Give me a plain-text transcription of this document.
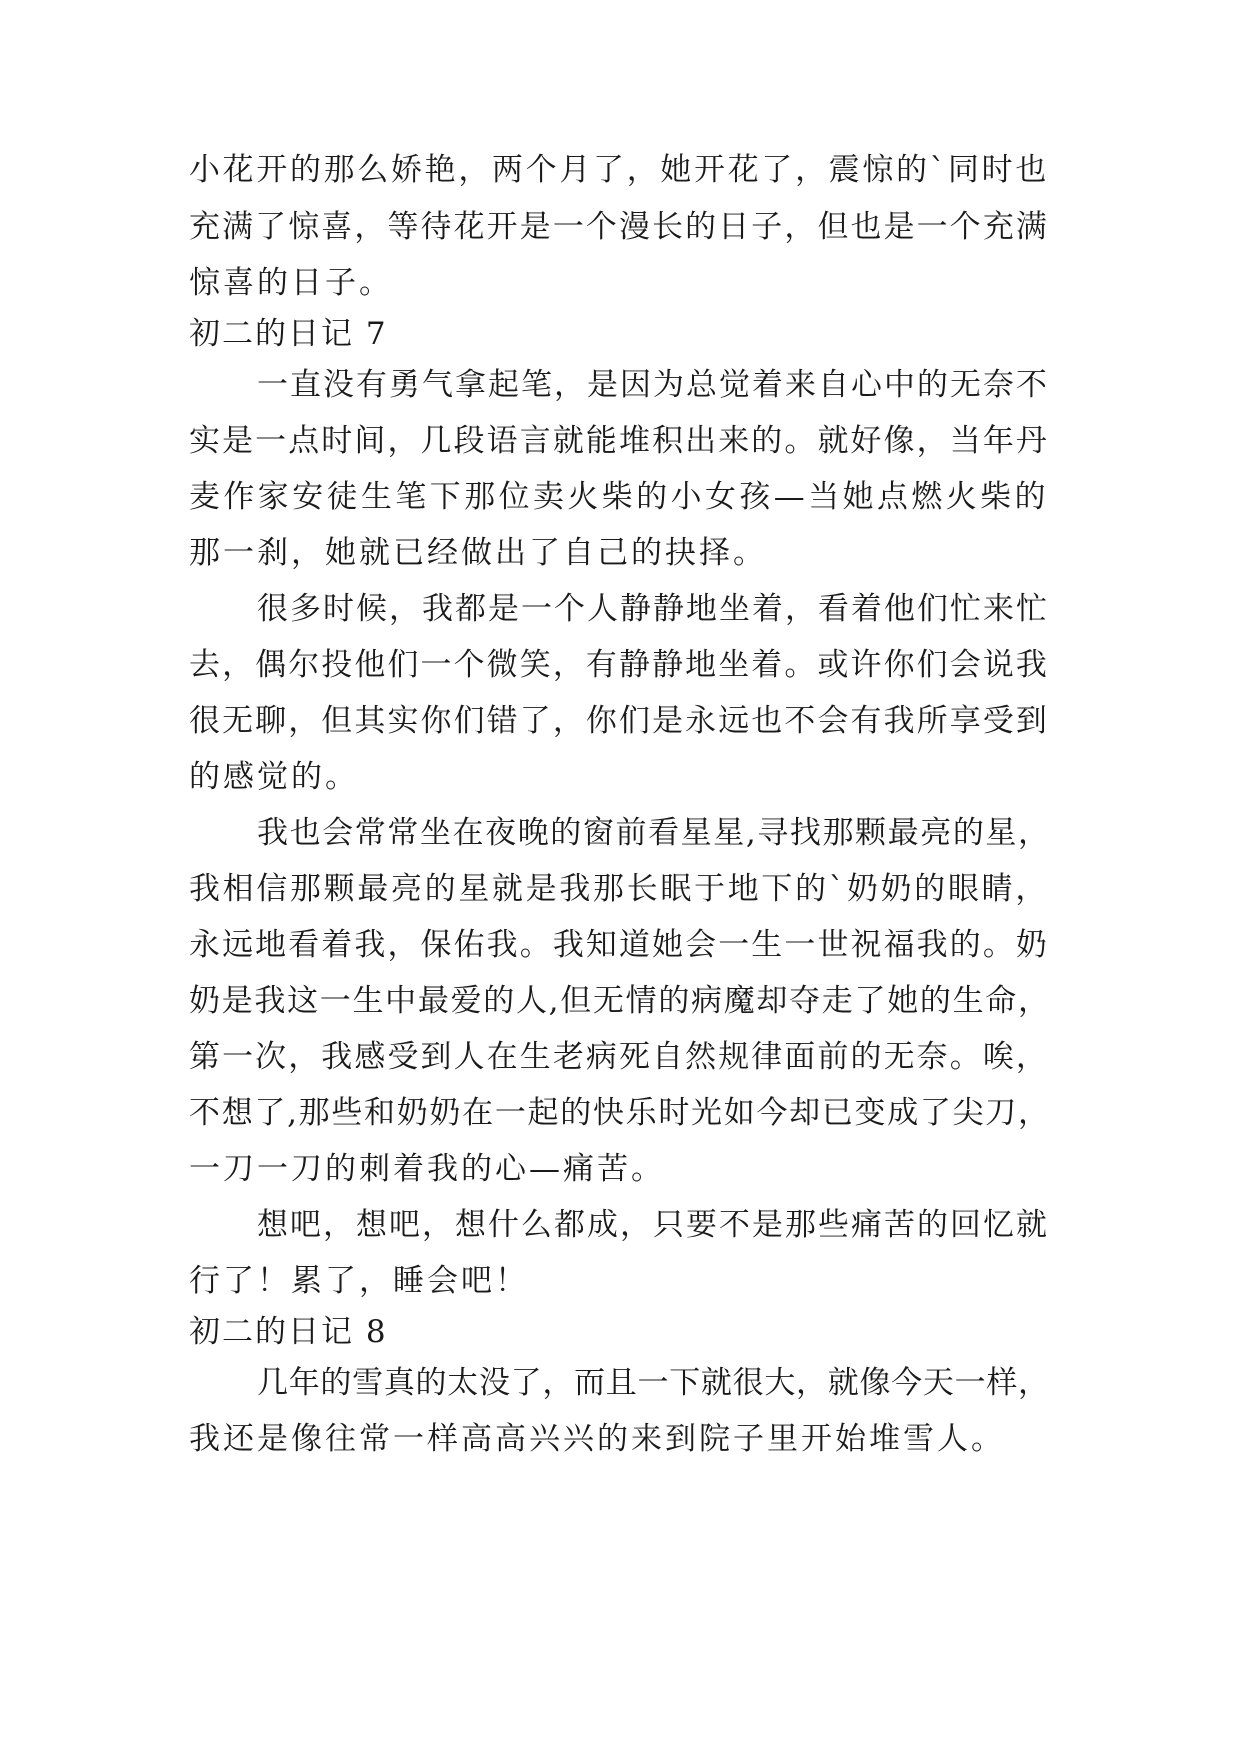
小花开的那么娇艳，两个月了，她开花了，震惊的`同时也
充满了惊喜，等待花开是一个漫长的日子，但也是一个充满
惊喜的日子。
初二的日记 7
一直没有勇气拿起笔，是因为总觉着来自心中的无奈不
实是一点时间，几段语言就能堆积出来的。就好像，当年丹
麦作家安徒生笔下那位卖火柴的小女孩—当她点燃火柴的
那一刹，她就已经做出了自己的抉择。
很多时候，我都是一个人静静地坐着，看着他们忙来忙
去，偶尔投他们一个微笑，有静静地坐着。或许你们会说我
很无聊，但其实你们错了，你们是永远也不会有我所享受到
的感觉的。
我也会常常坐在夜晚的窗前看星星,寻找那颗最亮的星，
我相信那颗最亮的星就是我那长眠于地下的`奶奶的眼睛，
永远地看着我，保佑我。我知道她会一生一世祝福我的。奶
奶是我这一生中最爱的人,但无情的病魔却夺走了她的生命，
第一次，我感受到人在生老病死自然规律面前的无奈。唉，
不想了,那些和奶奶在一起的快乐时光如今却已变成了尖刀，
一刀一刀的刺着我的心—痛苦。
想吧，想吧，想什么都成，只要不是那些痛苦的回忆就
行了！累了，睡会吧！
初二的日记 8
几年的雪真的太没了，而且一下就很大，就像今天一样，
我还是像往常一样高高兴兴的来到院子里开始堆雪人。
